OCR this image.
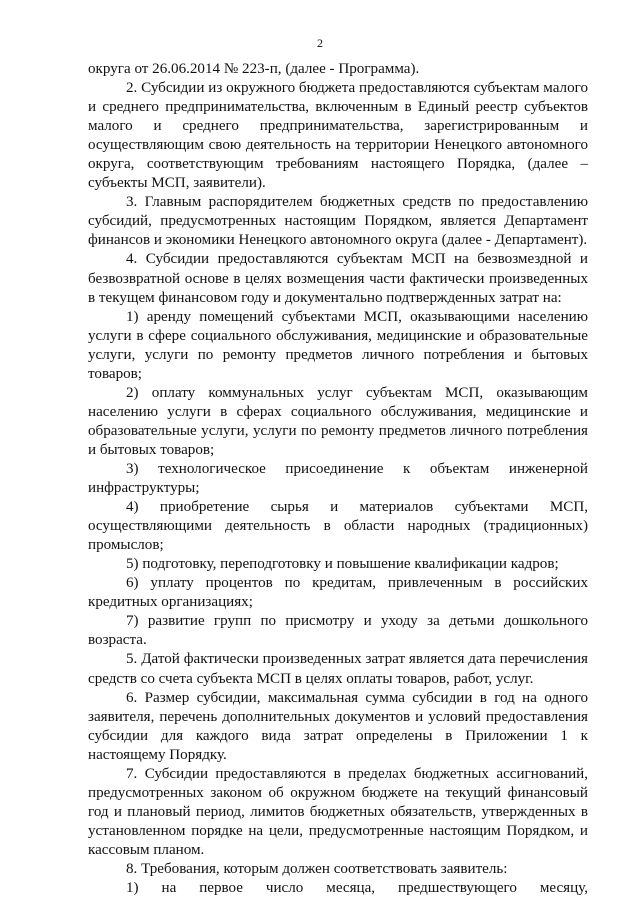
2

округа от 26.06.2014 № 223-п, (далее - Программа).

2. Субсидии из окружного бюджета предоставляются субъектам малого и среднего предпринимательства, включенным в Единый реестр субъектов малого и среднего предпринимательства, зарегистрированным и осуществляющим свою деятельность на территории Ненецкого автономного округа, соответствующим требованиям настоящего Порядка, (далее – субъекты МСП, заявители).

3. Главным распорядителем бюджетных средств по предоставлению субсидий, предусмотренных настоящим Порядком, является Департамент финансов и экономики Ненецкого автономного округа (далее - Департамент).

4. Субсидии предоставляются субъектам МСП на безвозмездной и безвозвратной основе в целях возмещения части фактически произведенных в текущем финансовом году и документально подтвержденных затрат на:

1) аренду помещений субъектами МСП, оказывающими населению услуги в сфере социального обслуживания, медицинские и образовательные услуги, услуги по ремонту предметов личного потребления и бытовых товаров;

2) оплату коммунальных услуг субъектам МСП, оказывающим населению услуги в сферах социального обслуживания, медицинские и образовательные услуги, услуги по ремонту предметов личного потребления и бытовых товаров;

3) технологическое присоединение к объектам инженерной инфраструктуры;

4) приобретение сырья и материалов субъектами МСП, осуществляющими деятельность в области народных (традиционных) промыслов;

5) подготовку, переподготовку и повышение квалификации кадров;

6) уплату процентов по кредитам, привлеченным в российских кредитных организациях;

7) развитие групп по присмотру и уходу за детьми дошкольного возраста.

5. Датой фактически произведенных затрат является дата перечисления средств со счета субъекта МСП в целях оплаты товаров, работ, услуг.

6. Размер субсидии, максимальная сумма субсидии в год на одного заявителя, перечень дополнительных документов и условий предоставления субсидии для каждого вида затрат определены в Приложении 1 к настоящему Порядку.

7. Субсидии предоставляются в пределах бюджетных ассигнований, предусмотренных законом об окружном бюджете на текущий финансовый год и плановый период, лимитов бюджетных обязательств, утвержденных в установленном порядке на цели, предусмотренные настоящим Порядком, и кассовым планом.

8. Требования, которым должен соответствовать заявитель:

1) на первое число месяца, предшествующего месяцу,
